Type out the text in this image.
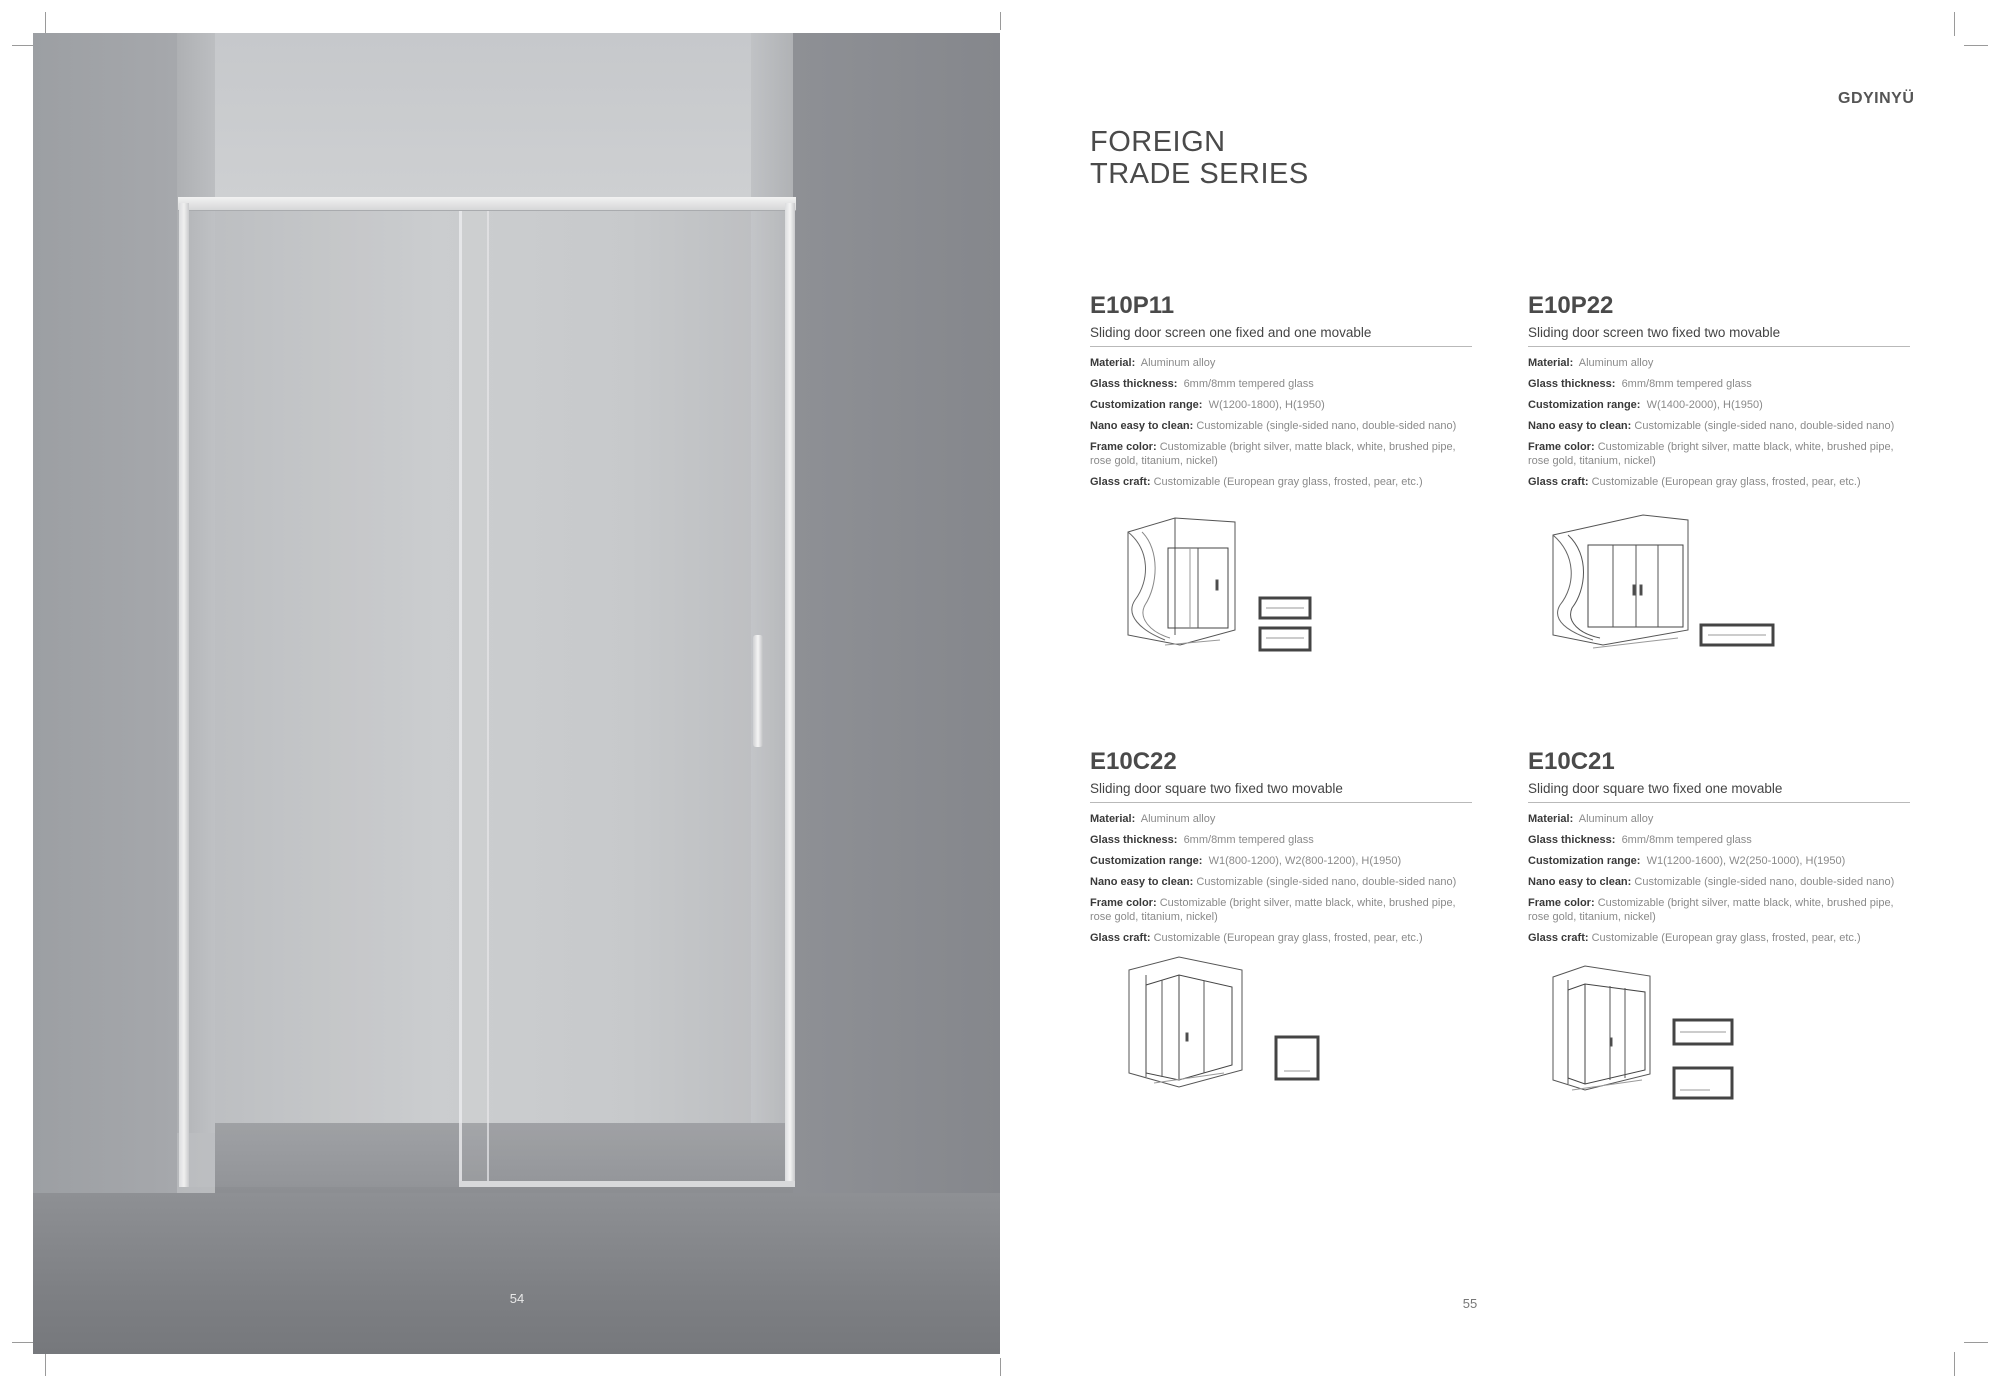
54
GDYINYÜ
FOREIGN
TRADE SERIES
E10P11
Sliding door screen one fixed and one movable
Material: Aluminum alloy
Glass thickness: 6mm/8mm tempered glass
Customization range: W(1200-1800), H(1950)
Nano easy to clean: Customizable (single-sided nano, double-sided nano)
Frame color: Customizable (bright silver, matte black, white, brushed pipe, rose gold, titanium, nickel)
Glass craft: Customizable (European gray glass, frosted, pear, etc.)
E10P22
Sliding door screen two fixed two movable
Material: Aluminum alloy
Glass thickness: 6mm/8mm tempered glass
Customization range: W(1400-2000), H(1950)
Nano easy to clean: Customizable (single-sided nano, double-sided nano)
Frame color: Customizable (bright silver, matte black, white, brushed pipe, rose gold, titanium, nickel)
Glass craft: Customizable (European gray glass, frosted, pear, etc.)
E10C22
Sliding door square two fixed two movable
Material: Aluminum alloy
Glass thickness: 6mm/8mm tempered glass
Customization range: W1(800-1200), W2(800-1200), H(1950)
Nano easy to clean: Customizable (single-sided nano, double-sided nano)
Frame color: Customizable (bright silver, matte black, white, brushed pipe, rose gold, titanium, nickel)
Glass craft: Customizable (European gray glass, frosted, pear, etc.)
E10C21
Sliding door square two fixed one movable
Material: Aluminum alloy
Glass thickness: 6mm/8mm tempered glass
Customization range: W1(1200-1600), W2(250-1000), H(1950)
Nano easy to clean: Customizable (single-sided nano, double-sided nano)
Frame color: Customizable (bright silver, matte black, white, brushed pipe, rose gold, titanium, nickel)
Glass craft: Customizable (European gray glass, frosted, pear, etc.)
55
